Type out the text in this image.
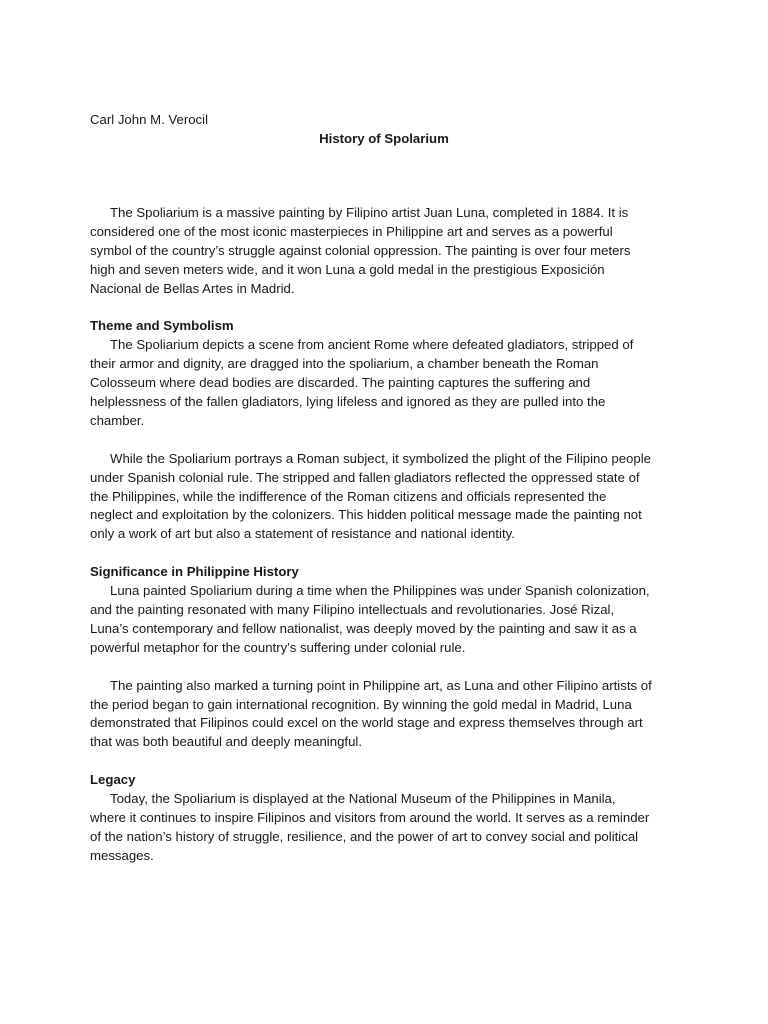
Carl John M. Verocil
History of Spolarium

The Spoliarium is a massive painting by Filipino artist Juan Luna, completed in 1884. It is
considered one of the most iconic masterpieces in Philippine art and serves as a powerful
symbol of the country’s struggle against colonial oppression. The painting is over four meters
high and seven meters wide, and it won Luna a gold medal in the prestigious Exposición
Nacional de Bellas Artes in Madrid.

Theme and Symbolism

The Spoliarium depicts a scene from ancient Rome where defeated gladiators, stripped of
their armor and dignity, are dragged into the spoliarium, a chamber beneath the Roman
Colosseum where dead bodies are discarded. The painting captures the suffering and
helplessness of the fallen gladiators, lying lifeless and ignored as they are pulled into the
chamber.

While the Spoliarium portrays a Roman subject, it symbolized the plight of the Filipino people
under Spanish colonial rule. The stripped and fallen gladiators reflected the oppressed state of
the Philippines, while the indifference of the Roman citizens and officials represented the
neglect and exploitation by the colonizers. This hidden political message made the painting not
only a work of art but also a statement of resistance and national identity.

Significance in Philippine History

Luna painted Spoliarium during a time when the Philippines was under Spanish colonization,
and the painting resonated with many Filipino intellectuals and revolutionaries. José Rizal,
Luna’s contemporary and fellow nationalist, was deeply moved by the painting and saw it as a
powerful metaphor for the country's suffering under colonial rule.

The painting also marked a turning point in Philippine art, as Luna and other Filipino artists of
the period began to gain international recognition. By winning the gold medal in Madrid, Luna
demonstrated that Filipinos could excel on the world stage and express themselves through art
that was both beautiful and deeply meaningful.

Legacy

Today, the Spoliarium is displayed at the National Museum of the Philippines in Manila,
where it continues to inspire Filipinos and visitors from around the world. It serves as a reminder
of the nation’s history of struggle, resilience, and the power of art to convey social and political
messages.
